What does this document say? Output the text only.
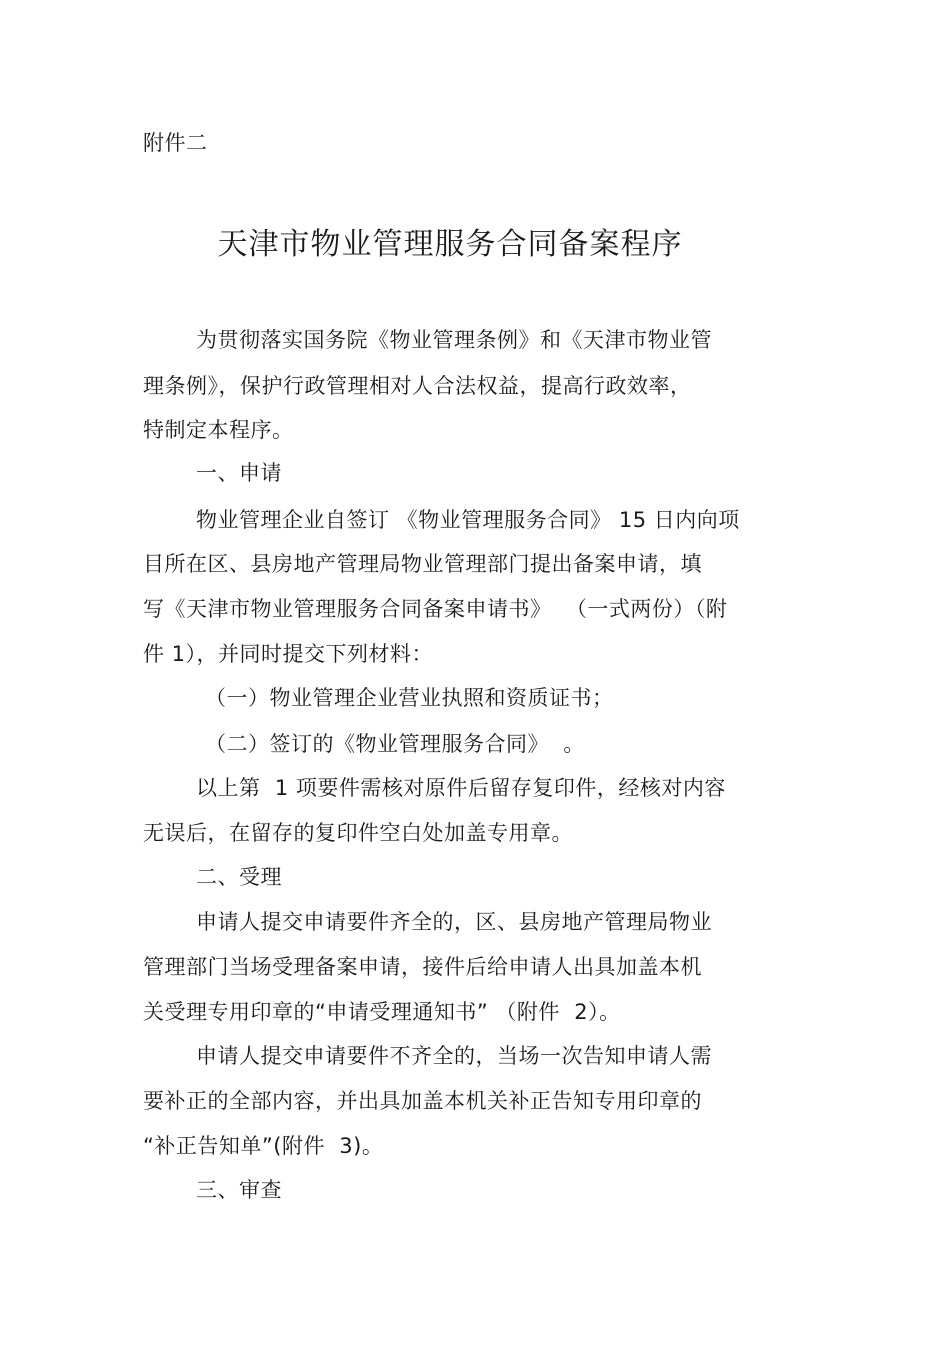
附件二
天津市物业管理服务合同备案程序
为贯彻落实国务院《物业管理条例》和《天津市物业管
理条例》，保护行政管理相对人合法权益，提高行政效率，
特制定本程序。
一、申请
物业管理企业自签订 《物业管理服务合同》 15 日内向项
目所在区、县房地产管理局物业管理部门提出备案申请，填
写《天津市物业管理服务合同备案申请书》  （一式两份）（附
件 1），并同时提交下列材料：
（一）物业管理企业营业执照和资质证书；
（二）签订的《物业管理服务合同》  。
以上第  1 项要件需核对原件后留存复印件，经核对内容
无误后，在留存的复印件空白处加盖专用章。
二、受理
申请人提交申请要件齐全的，区、县房地产管理局物业
管理部门当场受理备案申请，接件后给申请人出具加盖本机
关受理专用印章的“申请受理通知书” （附件  2）。
申请人提交申请要件不齐全的，当场一次告知申请人需
要补正的全部内容，并出具加盖本机关补正告知专用印章的
“补正告知单”(附件  3)。
三、审查
